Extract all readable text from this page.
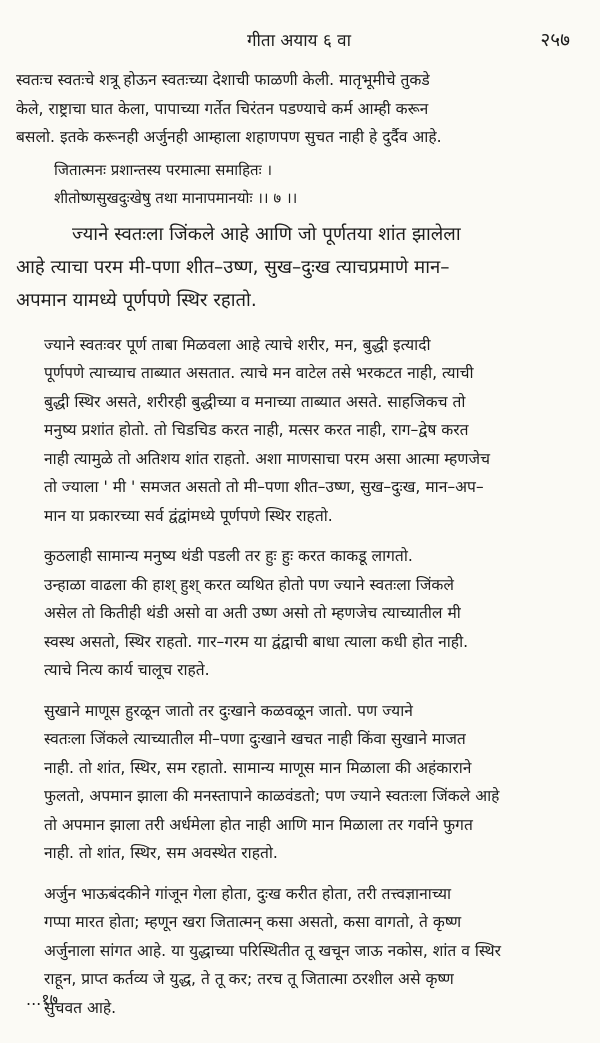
गीता अयाय ६ वा	२५७

स्वतःच स्वतःचे शत्रू होऊन स्वतःच्या देशाची फाळणी केली. मातृभूमीचे तुकडे
केले, राष्ट्राचा घात केला, पापाच्या गर्तेत चिरंतन पडण्याचे कर्म आम्ही करून
बसलो. इतके करूनही अर्जुनही आम्हाला शहाणपण सुचत नाही हे दुर्दैव आहे.

जितात्मनः प्रशान्तस्य परमात्मा समाहितः ।
शीतोष्णसुखदुःखेषु तथा मानापमानयोः ।। ७ ।।
ज्याने स्वतःला जिंकले आहे आणि जो पूर्णतया शांत झालेला
आहे त्याचा परम मी-पणा शीत–उष्ण, सुख–दुःख त्याचप्रमाणे मान–
अपमान यामध्ये पूर्णपणे स्थिर रहातो.

ज्याने स्वतःवर पूर्ण ताबा मिळवला आहे त्याचे शरीर, मन, बुद्धी इत्यादी
पूर्णपणे त्याच्याच ताब्यात असतात. त्याचे मन वाटेल तसे भरकटत नाही, त्याची
बुद्धी स्थिर असते, शरीरही बुद्धीच्या व मनाच्या ताब्यात असते. साहजिकच तो
मनुष्य प्रशांत होतो. तो चिडचिड करत नाही, मत्सर करत नाही, राग–द्वेष करत
नाही त्यामुळे तो अतिशय शांत राहतो. अशा माणसाचा परम असा आत्मा म्हणजेच
तो ज्याला ' मी ' समजत असतो तो मी–पणा शीत–उष्ण, सुख–दुःख, मान–अप–
मान या प्रकारच्या सर्व द्वंद्वांमध्ये पूर्णपणे स्थिर राहतो.

कुठलाही सामान्य मनुष्य थंडी पडली तर हुः हुः करत काकडू लागतो.
उन्हाळा वाढला की हाश् हुश् करत व्यथित होतो पण ज्याने स्वतःला जिंकले
असेल तो कितीही थंडी असो वा अती उष्ण असो तो म्हणजेच त्याच्यातील मी
स्वस्थ असतो, स्थिर राहतो. गार–गरम या द्वंद्वाची बाधा त्याला कधी होत नाही.
त्याचे नित्य कार्य चालूच राहते.

सुखाने माणूस हुरळून जातो तर दुःखाने कळवळून जातो. पण ज्याने
स्वतःला जिंकले त्याच्यातील मी–पणा दुःखाने खचत नाही किंवा सुखाने माजत
नाही. तो शांत, स्थिर, सम रहातो. सामान्य माणूस मान मिळाला की अहंकाराने
फुलतो, अपमान झाला की मनस्तापाने काळवंडतो; पण ज्याने स्वतःला जिंकले आहे
तो अपमान झाला तरी अर्धमेला होत नाही आणि मान मिळाला तर गर्वाने फुगत
नाही. तो शांत, स्थिर, सम अवस्थेत राहतो.

अर्जुन भाऊबंदकीने गांजून गेला होता, दुःख करीत होता, तरी तत्त्वज्ञानाच्या
गप्पा मारत होता; म्हणून खरा जितात्मन् कसा असतो, कसा वागतो, ते कृष्ण
अर्जुनाला सांगत आहे. या युद्धाच्या परिस्थितीत तू खचून जाऊ नकोस, शांत व स्थिर
राहून, प्राप्त कर्तव्य जे युद्ध, ते तू कर; तरच तू जितात्मा ठरशील असे कृष्ण
सुचवत आहे.

...१७
